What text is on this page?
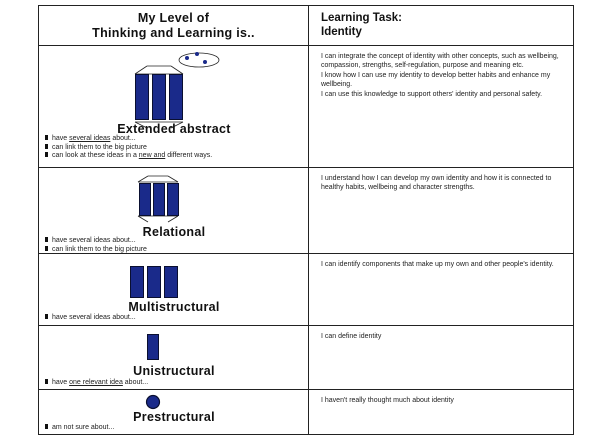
My Level of
Thinking and Learning is..
Learning Task:
Identity
Extended abstract

have several ideas about...

can link them to the big picture

can look at these ideas in a new and different ways.

I can integrate the concept of identity with other concepts, such as wellbeing, compassion, strengths, self-regulation, purpose and meaning etc.

I know how I can use my identity to develop better habits and enhance my wellbeing.

I can use this knowledge to support others' identity and personal safety.

Relational

have several ideas about...

can link them to the big picture

I understand how I can develop my own identity and how it is connected to healthy habits, wellbeing and character strengths.

Multistructural

have several ideas about...

I can identify components that make up my own and other people's identity.

Unistructural

have one relevant idea about...

I can define identity

Prestructural

am not sure about...

I haven't really thought much about identity
